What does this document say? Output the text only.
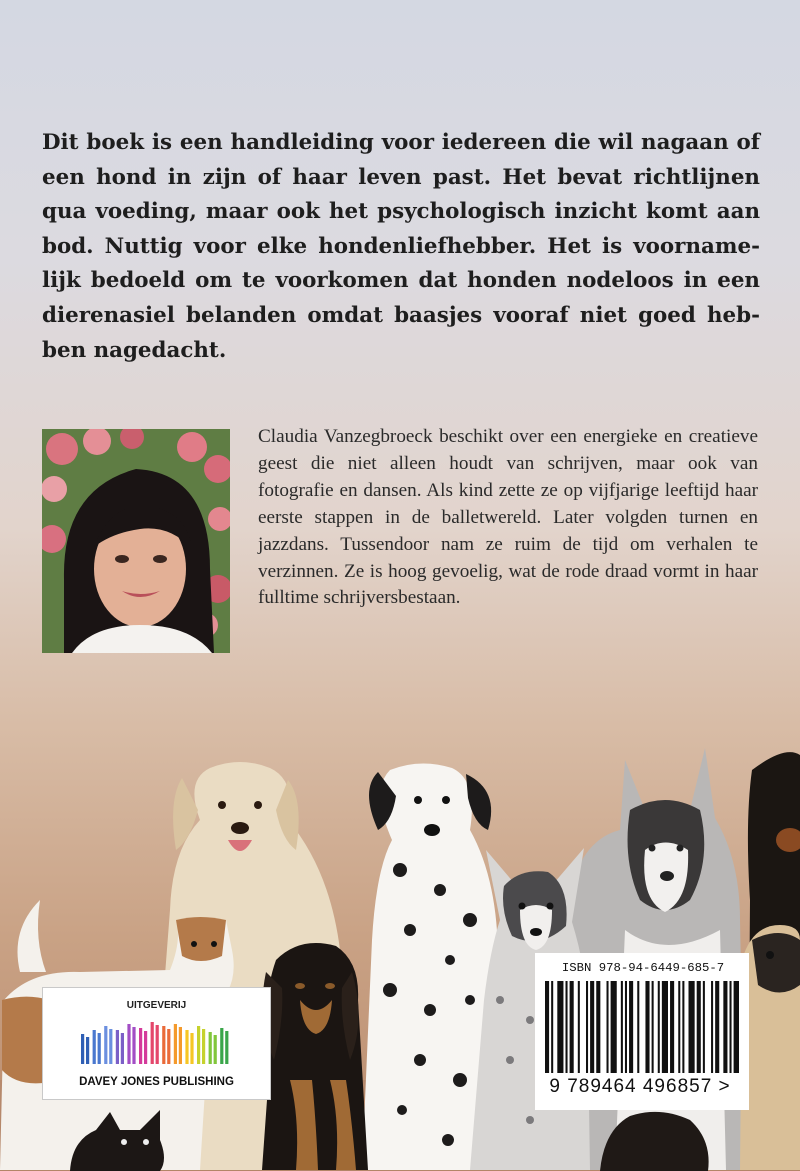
Dit boek is een handleiding voor iedereen die wil nagaan of een hond in zijn of haar leven past. Het bevat richtlijnen qua voeding, maar ook het psychologisch inzicht komt aan bod. Nuttig voor elke hondenliefhebber. Het is voornamelijk bedoeld om te voorkomen dat honden nodeloos in een dierenasiel belanden omdat baasjes vooraf niet goed hebben nagedacht.

Claudia Vanzegbroeck beschikt over een energieke en creatieve geest die niet alleen houdt van schrijven, maar ook van fotografie en dansen. Als kind zette ze op vijfjarige leeftijd haar eerste stappen in de balletwereld. Later volgden turnen en jazzdans. Tussendoor nam ze ruim de tijd om verhalen te verzinnen. Ze is hoog gevoelig, wat de rode draad vormt in haar fulltime schrijversbestaan.

UITGEVERIJ
DAVEY JONES PUBLISHING
ISBN 978-94-6449-685-7
9 789464 496857 >
